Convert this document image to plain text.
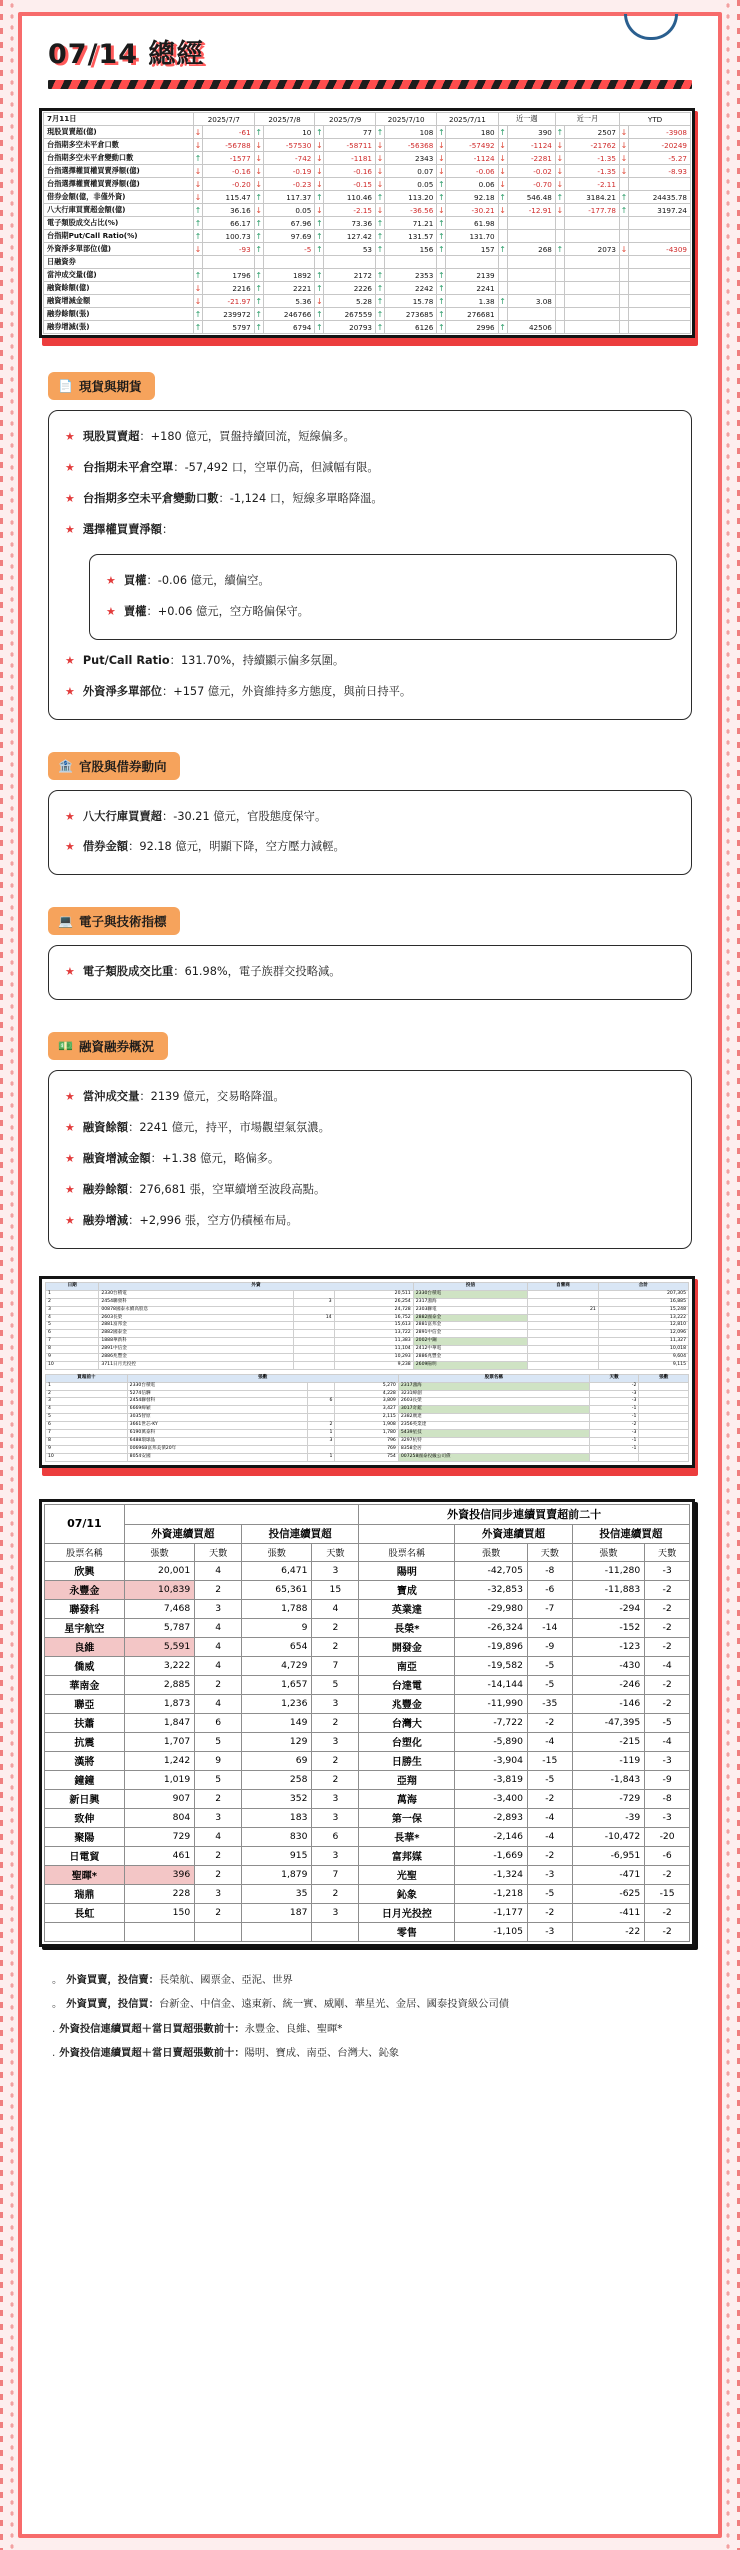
07/14 總經
7月11日	2025/7/7		2025/7/8		2025/7/9		2025/7/10		2025/7/11		近一週		近一月		YTD	
現股買賣超(億)	↓	-61	↑	10	↑	77	↑	108	↑	180	↑	390	↑	2507	↓	-3908
台指期多空未平倉口數	↓	-56788	↓	-57530	↓	-58711	↓	-56368	↓	-57492	↓	-1124	↓	-21762	↓	-20249
台指期多空未平倉變動口數	↑	-1577	↓	-742	↓	-1181	↓	2343	↓	-1124	↓	-2281	↓	-1.35	↓	-5.27
台指選擇權買權買賣淨額(億)	↓	-0.16	↓	-0.19	↓	-0.16	↓	0.07	↓	-0.06	↓	-0.02	↓	-1.35	↓	-8.93
台指選擇權賣權買賣淨額(億)	↓	-0.20	↓	-0.23	↓	-0.15	↓	0.05	↑	0.06	↓	-0.70	↓	-2.11		
借券金額(億，非僅外資)	↓	115.47	↑	117.37	↑	110.46	↑	113.20	↑	92.18	↑	546.48	↑	3184.21	↑	24435.78
八大行庫買賣超金額(億)	↑	36.16	↓	0.05	↓	-2.15	↓	-36.56	↓	-30.21	↓	-12.91	↓	-177.78	↑	3197.24
電子類股成交占比(%)	↑	66.17	↑	67.96	↑	73.36	↑	71.21	↑	61.98						
台指期Put/Call Ratio(%)	↑	100.73	↑	97.69	↑	127.42	↑	131.57	↑	131.70						
外資淨多單部位(億)	↓	-93	↑	-5	↑	53	↑	156	↑	157	↑	268	↑	2073	↓	-4309
日融資券																
當沖成交量(億)	↑	1796	↑	1892	↑	2172	↑	2353	↑	2139						
融資餘額(億)	↓	2216	↑	2221	↑	2226	↑	2242	↑	2241						
融資增減金額	↓	-21.97	↑	5.36	↓	5.28	↑	15.78	↑	1.38	↑	3.08				
融券餘額(張)	↑	239972	↑	246766	↑	267559	↑	273685	↑	276681						
融券增減(張)	↑	5797	↑	6794	↑	20793	↑	6126	↑	2996	↑	42506				
📄 現貨與期貨
★ 現股買賣超：+180 億元，買盤持續回流，短線偏多。
★ 台指期未平倉空單：-57,492 口，空單仍高，但減幅有限。
★ 台指期多空未平倉變動口數：-1,124 口，短線多單略降溫。
★ 選擇權買賣淨額：
★ 買權：-0.06 億元，續偏空。
★ 賣權：+0.06 億元，空方略偏保守。
★ Put/Call Ratio：131.70%，持續顯示偏多氛圍。
★ 外資淨多單部位：+157 億元，外資維持多方態度，與前日持平。
🏦 官股與借券動向
★ 八大行庫買賣超：-30.21 億元，官股態度保守。
★ 借券金額：92.18 億元，明顯下降，空方壓力減輕。
💻 電子與技術指標
★ 電子類股成交比重：61.98%，電子族群交投略減。
💵 融資融券概況
★ 當沖成交量：2139 億元，交易略降溫。
★ 融資餘額：2241 億元，持平，市場觀望氣氛濃。
★ 融資增減金額：+1.38 億元，略偏多。
★ 融券餘額：276,681 張，空單續增至波段高點。
★ 融券增減：+2,996 張，空方仍積極布局。
日期	外資			投信	自營商	合計
1	2330台積電		20,511	2330台積電		207,305
2	2454聯發科	3	26,254	2317鴻海		16,885
3	00878國泰永續高股息		24,728	2303聯電	21	15,248
4	2603長榮	14	16,752	2882國泰金		13,222
5	2881富邦金		15,613	2881富邦金		12,810
6	2882國泰金		13,722	2891中信金		12,096
7	1888華新科		11,383	2002中鋼		11,327
8	2891中信金		11,104	2412中華電		10,018
9	2886兆豐金		10,293	2886兆豐金		9,604
10	3711日月光投控		9,238	2609陽明		9,115
買超前十	張數			股票名稱	天數	張數
1	2330台積電		5,270	2317鴻海	-2	
2	5274信驊		4,228	3231緯創	-3	
3	2454聯發科	6	3,809	2603長榮	-3	
4	6669緯穎		3,427	3017奇鋐	-1	
5	3035智原		2,115	2382廣達	-1	
6	3661世芯-KY	2	1,908	2356英業達	-2	
7	6190萬泰科	1	1,780	5439星技	-3	
8	6488環球晶	3	796	3297杭特	-1	
9	00696B富邦美債20年		769	8358金居	-1	
10	8054安國	1	754	007258國泰投級公司債		
07/11					外資投信同步連續買賣超前二十				
	外資連續買超		投信連續買超			外資連續買超		投信連續買超	
股票名稱	張數	天數	張數	天數	股票名稱	張數	天數	張數	天數
欣興	20,001	4	6,471	3	陽明	-42,705	-8	-11,280	-3
永豐金	10,839	2	65,361	15	寶成	-32,853	-6	-11,883	-2
聯發科	7,468	3	1,788	4	英業達	-29,980	-7	-294	-2
星宇航空	5,787	4	9	2	長榮*	-26,324	-14	-152	-2
良維	5,591	4	654	2	開發金	-19,896	-9	-123	-2
僑威	3,222	4	4,729	7	南亞	-19,582	-5	-430	-4
華南金	2,885	2	1,657	5	台達電	-14,144	-5	-246	-2
聯亞	1,873	4	1,236	3	兆豐金	-11,990	-35	-146	-2
扶蕭	1,847	6	149	2	台灣大	-7,722	-2	-47,395	-5
抗震	1,707	5	129	3	台塑化	-5,890	-4	-215	-4
漢將	1,242	9	69	2	日勝生	-3,904	-15	-119	-3
鐘鐘	1,019	5	258	2	亞翔	-3,819	-5	-1,843	-9
新日興	907	2	352	3	萬海	-3,400	-2	-729	-8
致伸	804	3	183	3	第一保	-2,893	-4	-39	-3
聚陽	729	4	830	6	長華*	-2,146	-4	-10,472	-20
日電貿	461	2	915	3	富邦媒	-1,669	-2	-6,951	-6
聖暉*	396	2	1,879	7	光聖	-1,324	-3	-471	-2
瑞鼎	228	3	35	2	鈊象	-1,218	-5	-625	-15
長虹	150	2	187	3	日月光投控	-1,177	-2	-411	-2
					零售	-1,105	-3	-22	-2
。 外資買賣，投信賣：長榮航、國票金、亞泥、世界
。 外資買賣，投信買：台新金、中信金、遠東新、統一實、威剛、華星光、金居、國泰投資級公司債
. 外資投信連續買超＋當日買超張數前十：永豐金、良維、聖暉*
. 外資投信連續買超＋當日賣超張數前十：陽明、寶成、南亞、台灣大、鈊象
